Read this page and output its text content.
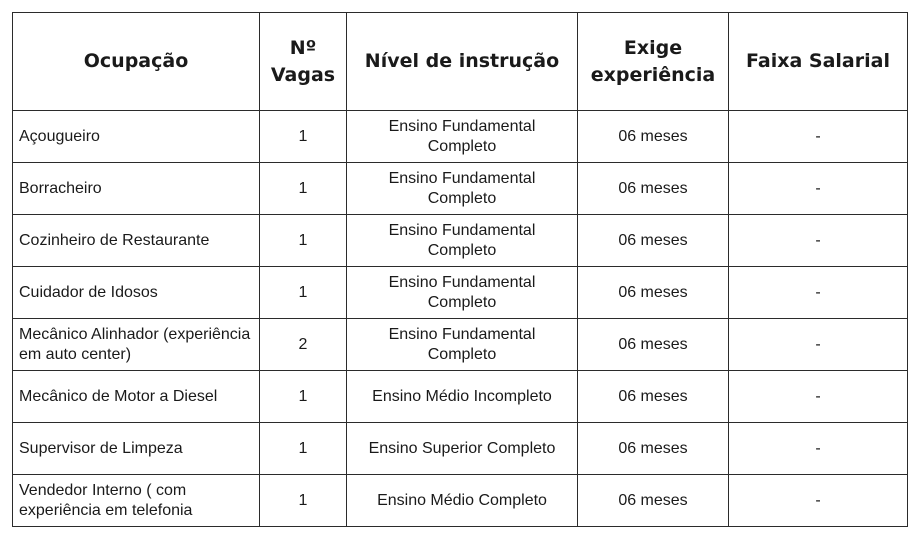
Ocupação	Nº Vagas	Nível de instrução	Exige experiência	Faixa Salarial
Açougueiro	1	Ensino Fundamental Completo	06 meses	-
Borracheiro	1	Ensino Fundamental Completo	06 meses	-
Cozinheiro de Restaurante	1	Ensino Fundamental Completo	06 meses	-
Cuidador de Idosos	1	Ensino Fundamental Completo	06 meses	-
Mecânico Alinhador (experiência em auto center)	2	Ensino Fundamental Completo	06 meses	-
Mecânico de Motor a Diesel	1	Ensino Médio Incompleto	06 meses	-
Supervisor de Limpeza	1	Ensino Superior Completo	06 meses	-
Vendedor Interno ( com experiência em telefonia	1	Ensino Médio Completo	06 meses	-
